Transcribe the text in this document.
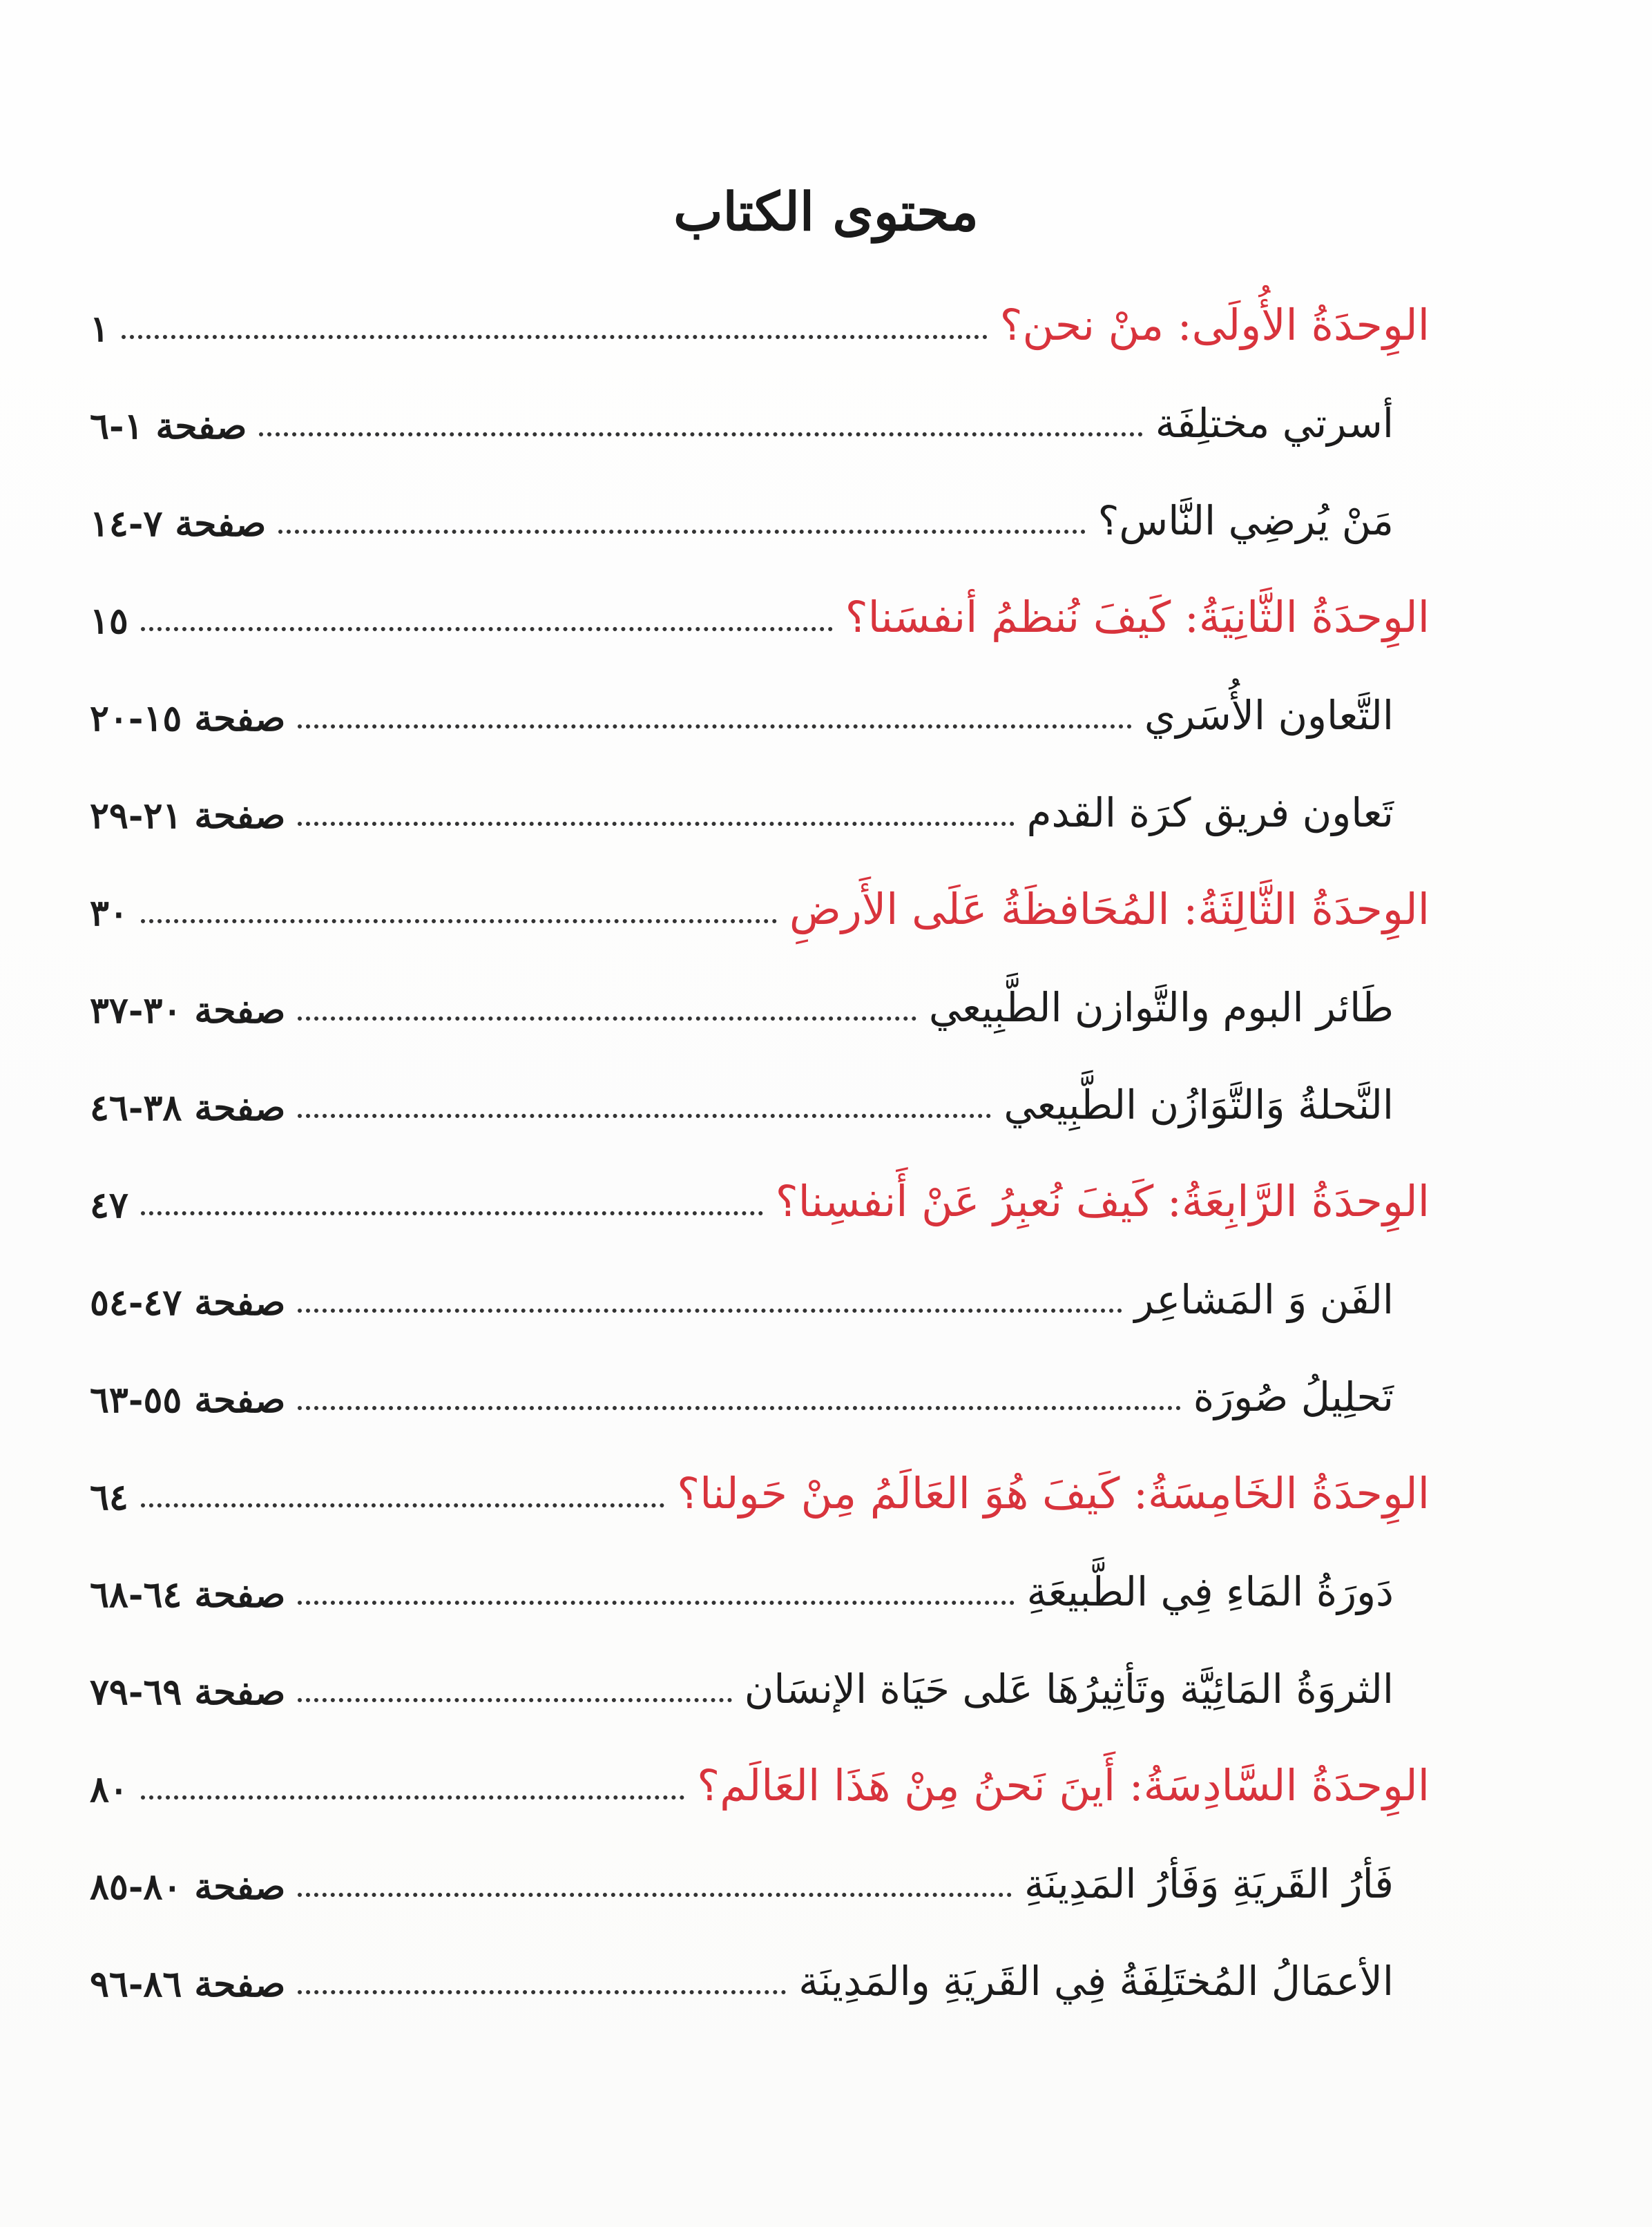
محتوى الكتاب
الوِحدَةُ الأُولَى: منْ نحن؟
١
أسرتي مختلِفَة
صفحة١-٦
مَنْ يُرضِي النَّاس؟
صفحة٧-١٤
الوِحدَةُ الثَّانِيَةُ: كَيفَ نُنظمُ أنفسَنا؟
١٥
التَّعاون الأُسَري
صفحة١٥-٢٠
تَعاون فريق كرَة القدم
صفحة٢١-٢٩
الوِحدَةُ الثَّالِثَةُ: المُحَافظَةُ عَلَى الأَرضِ
٣٠
طَائر البوم والتَّوازن الطَّبِيعي
صفحة٣٠-٣٧
النَّحلةُ وَالتَّوَازُن الطَّبِيعي
صفحة٣٨-٤٦
الوِحدَةُ الرَّابِعَةُ: كَيفَ نُعبِرُ عَنْ أَنفسِنا؟
٤٧
الفَن وَ المَشاعِر
صفحة٤٧-٥٤
تَحلِيلُ صُورَة
صفحة٥٥-٦٣
الوِحدَةُ الخَامِسَةُ: كَيفَ هُوَ العَالَمُ مِنْ حَولنا؟
٦٤
دَورَةُ المَاءِ فِي الطَّبيعَةِ
صفحة٦٤-٦٨
الثروَةُ المَائِيَّة وتَأثِيرُهَا عَلى حَيَاة الإنسَان
صفحة٦٩-٧٩
الوِحدَةُ السَّادِسَةُ: أَينَ نَحنُ مِنْ هَذَا العَالَم؟
٨٠
فَأرُ القَريَةِ وَفَأرُ المَدِينَةِ
صفحة٨٠-٨٥
الأعمَالُ المُختَلِفَةُ فِي القَريَةِ والمَدِينَة
صفحة٨٦-٩٦
